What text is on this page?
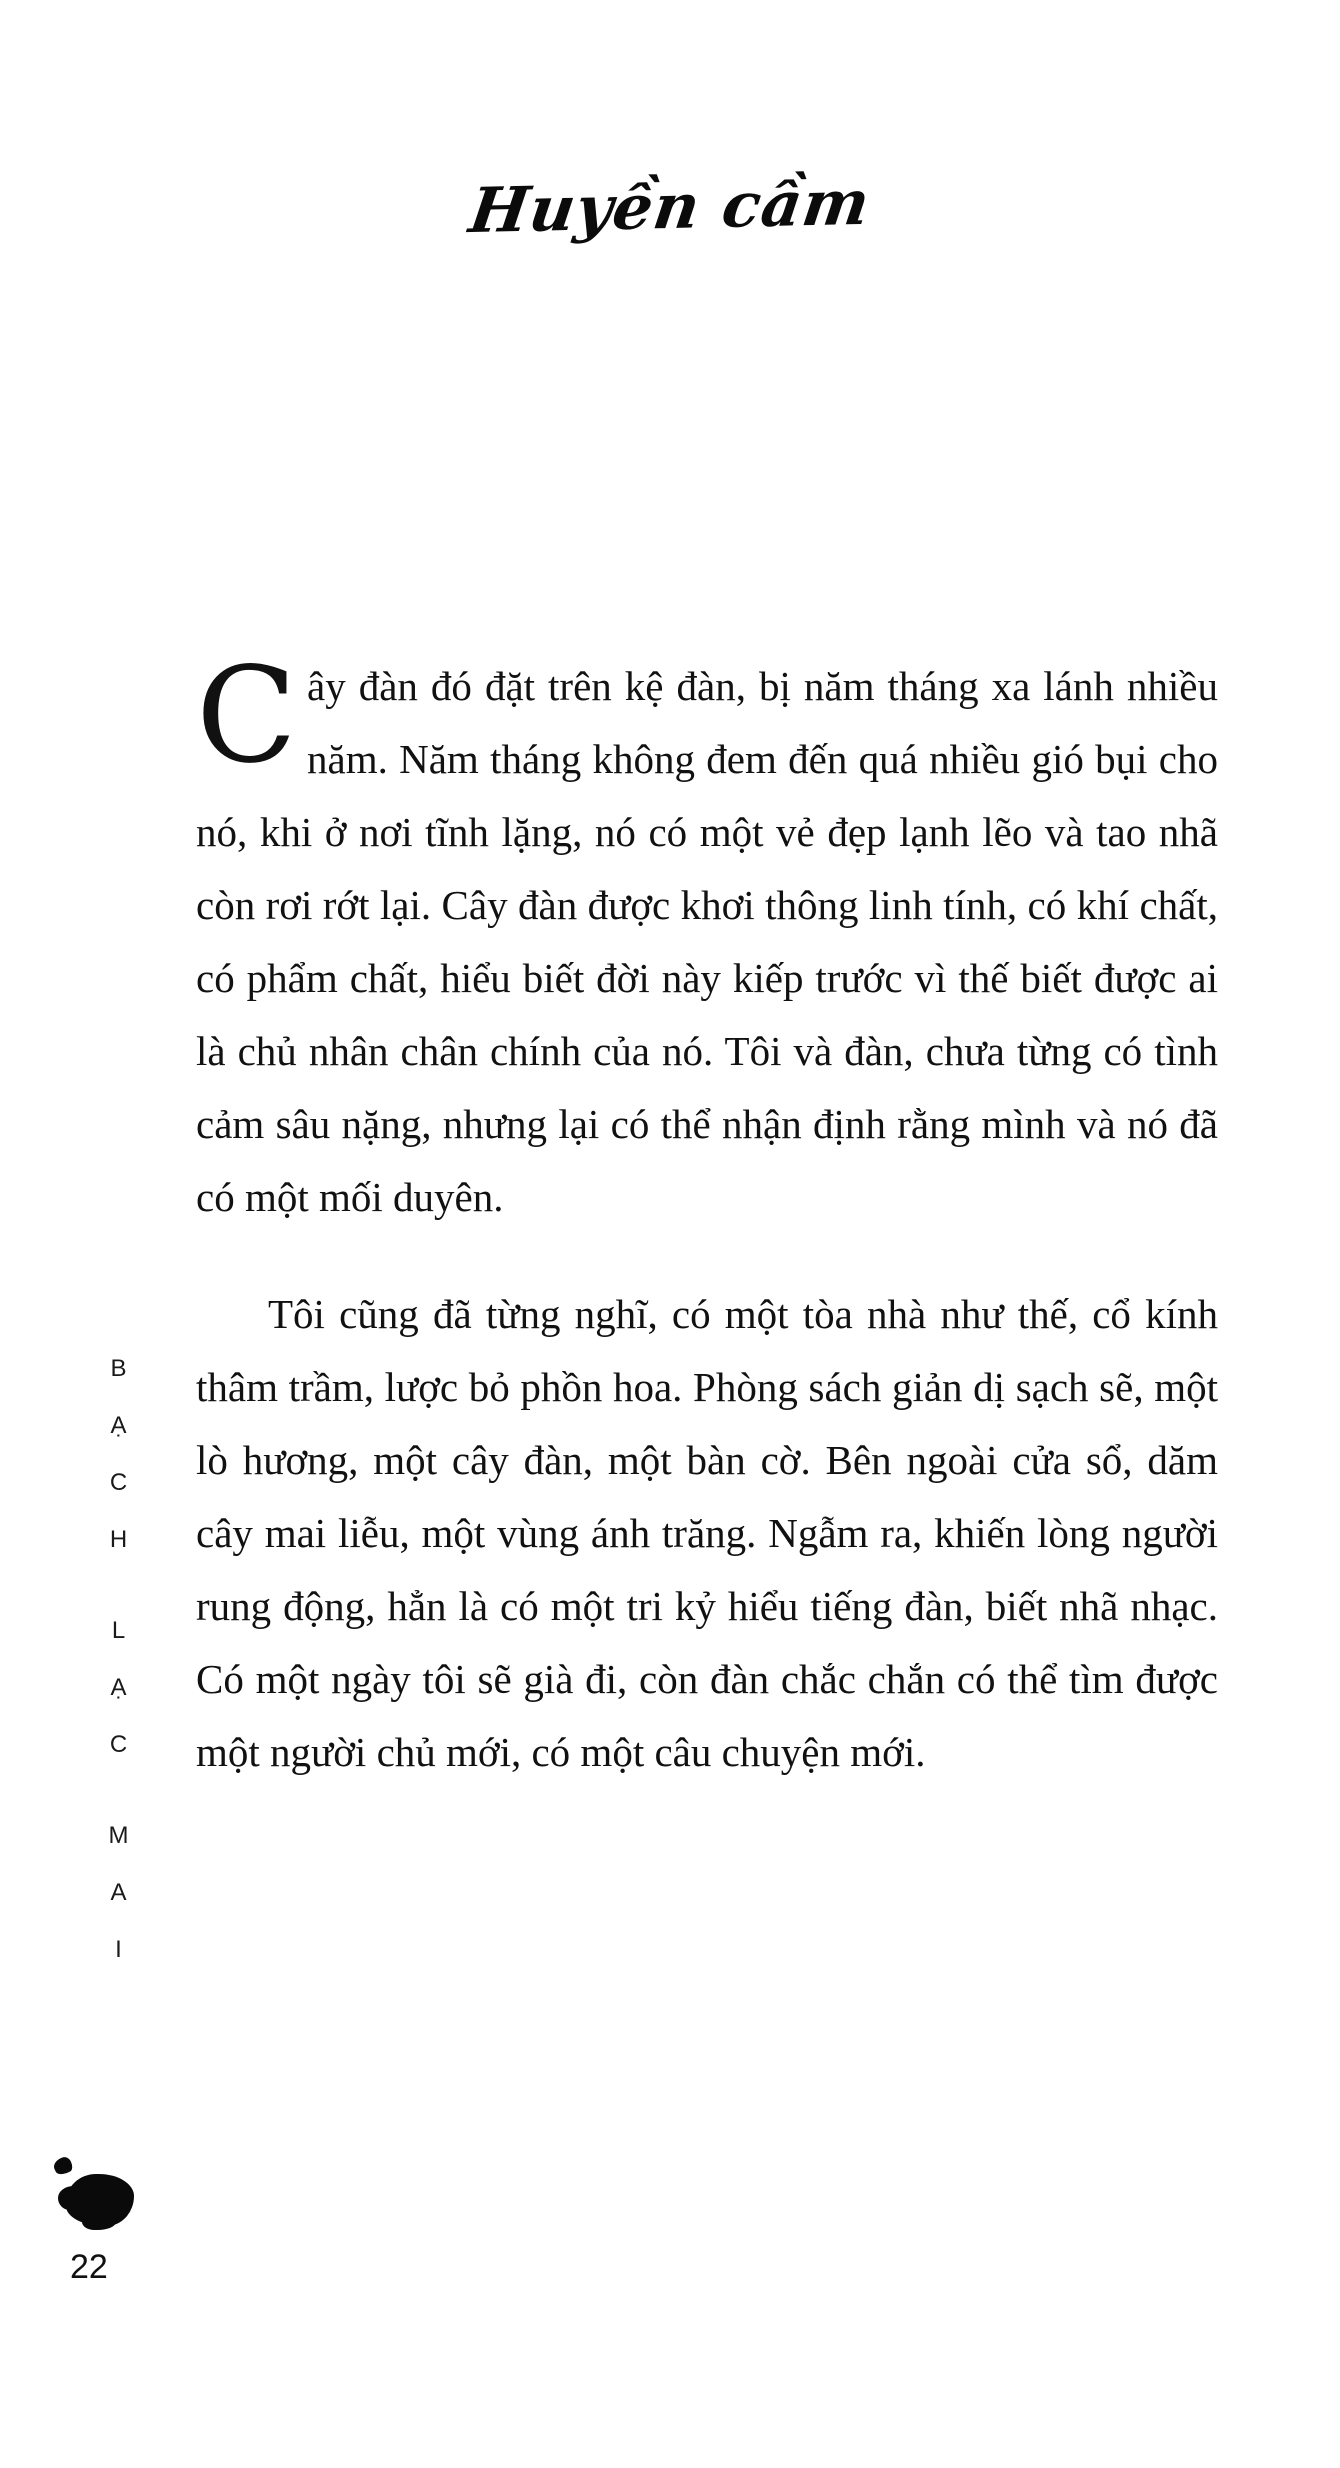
Huyền cầm
B
Ạ
C
H
L
Ạ
C
M
A
I
22

Cây đàn đó đặt trên kệ đàn, bị năm tháng xa lánh nhiều năm. Năm tháng không đem đến quá nhiều gió bụi cho nó, khi ở nơi tĩnh lặng, nó có một vẻ đẹp lạnh lẽo và tao nhã còn rơi rớt lại. Cây đàn được khơi thông linh tính, có khí chất, có phẩm chất, hiểu biết đời này kiếp trước vì thế biết được ai là chủ nhân chân chính của nó. Tôi và đàn, chưa từng có tình cảm sâu nặng, nhưng lại có thể nhận định rằng mình và nó đã có một mối duyên.

Tôi cũng đã từng nghĩ, có một tòa nhà như thế, cổ kính thâm trầm, lược bỏ phồn hoa. Phòng sách giản dị sạch sẽ, một lò hương, một cây đàn, một bàn cờ. Bên ngoài cửa sổ, dăm cây mai liễu, một vùng ánh trăng. Ngẫm ra, khiến lòng người rung động, hẳn là có một tri kỷ hiểu tiếng đàn, biết nhã nhạc. Có một ngày tôi sẽ già đi, còn đàn chắc chắn có thể tìm được một người chủ mới, có một câu chuyện mới.
